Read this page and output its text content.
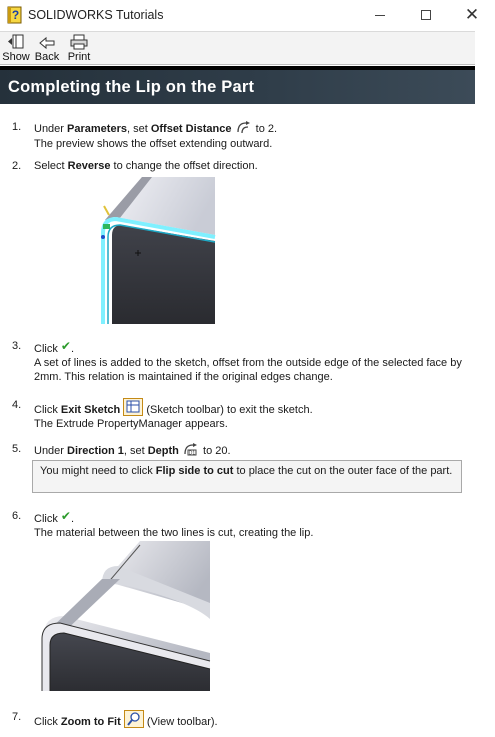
? SOLIDWORKS Tutorials	✕
Show Back Print
Completing the Lip on the Part
1. Under Parameters, set Offset Distance  to 2.
The preview shows the offset extending outward.
2. Select Reverse to change the offset direction.
3. Click ✔.
A set of lines is added to the sketch, offset from the outside edge of the selected face by 2mm. This relation is maintained if the original edges change.
4. Click Exit Sketch  (Sketch toolbar) to exit the sketch.
The Extrude PropertyManager appears.
5. Under Direction 1, set Depth D1 to 20.
You might need to click Flip side to cut to place the cut on the outer face of the part.
6. Click ✔.
The material between the two lines is cut, creating the lip.
7. Click Zoom to Fit  (View toolbar).
